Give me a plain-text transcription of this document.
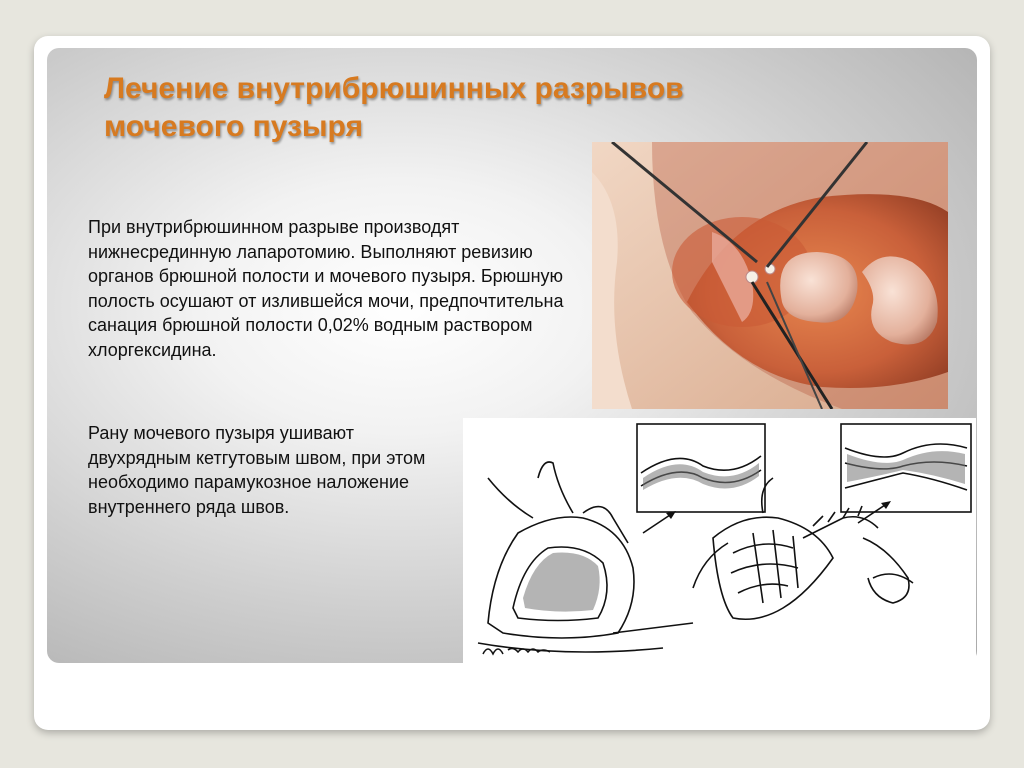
Лечение внутрибрюшинных разрывов
мочевого пузыря

При внутрибрюшинном разрыве производят нижнесрединную лапаротомию. Выполняют ревизию органов брюшной полости и мочевого пузыря. Брюшную полость осушают от излившейся мочи, предпочтительна санация брюшной полости 0,02% водным раствором хлоргексидина.

Рану мочевого пузыря ушивают двухрядным кетгутовым швом, при этом необходимо парамукозное наложение внутреннего ряда швов.
